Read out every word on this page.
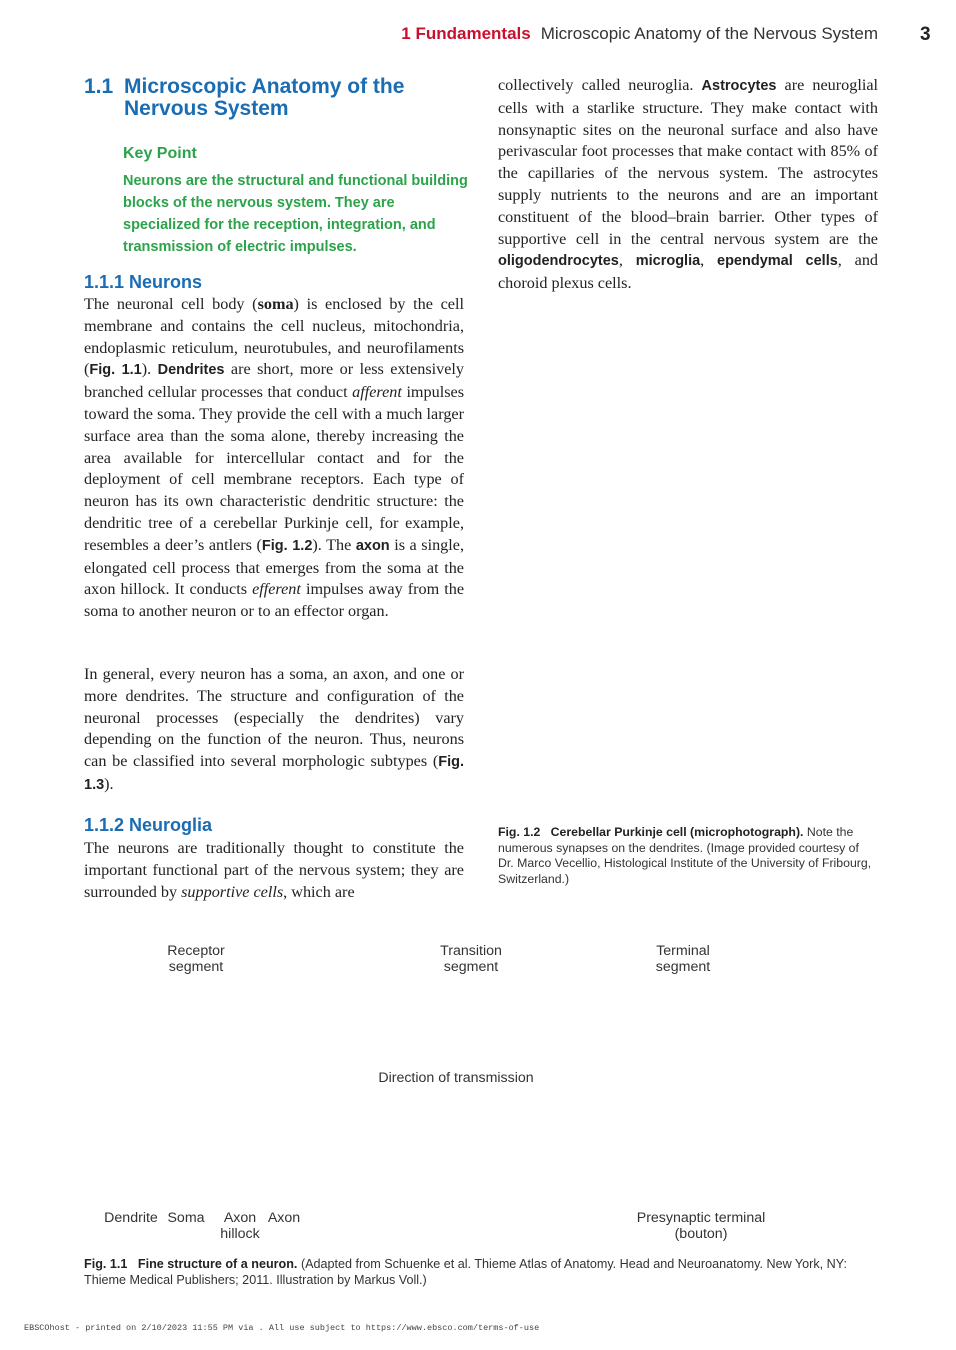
1 Fundamentals Microscopic Anatomy of the Nervous System 3
1.1 Microscopic Anatomy of the
Nervous System
Key Point
Neurons are the structural and functional building blocks of the nervous system. They are specialized for the reception, integration, and transmission of electric impulses.
1.1.1 Neurons
The neuronal cell body (soma) is enclosed by the cell membrane and contains the cell nucleus, mitochondria, endoplasmic reticulum, neurotubules, and neurofilaments (Fig. 1.1). Dendrites are short, more or less extensively branched cellular processes that conduct afferent impulses toward the soma. They provide the cell with a much larger surface area than the soma alone, thereby increasing the area available for intercellular contact and for the deployment of cell membrane receptors. Each type of neuron has its own characteristic dendritic structure: the dendritic tree of a cerebellar Purkinje cell, for example, resembles a deer’s antlers (Fig. 1.2). The axon is a single, elongated cell process that emerges from the soma at the axon hillock. It conducts efferent impulses away from the soma to another neuron or to an effector organ.
In general, every neuron has a soma, an axon, and one or more dendrites. The structure and configuration of the neuronal processes (especially the dendrites) vary depending on the function of the neuron. Thus, neurons can be classified into several morphologic subtypes (Fig. 1.3).
1.1.2 Neuroglia
The neurons are traditionally thought to constitute the important functional part of the nervous system; they are surrounded by supportive cells, which are
collectively called neuroglia. Astrocytes are neuroglial cells with a starlike structure. They make contact with nonsynaptic sites on the neuronal surface and also have perivascular foot processes that make contact with 85% of the capillaries of the nervous system. The astrocytes supply nutrients to the neurons and are an important constituent of the blood–brain barrier. Other types of supportive cell in the central nervous system are the oligodendrocytes, microglia, ependymal cells, and choroid plexus cells.
Fig. 1.2 Cerebellar Purkinje cell (microphotograph). Note the numerous synapses on the dendrites. (Image provided courtesy of Dr. Marco Vecellio, Histological Institute of the University of Fribourg, Switzerland.)
Receptor
segment
Transition
segment
Terminal
segment
Direction of transmission
Dendrite Soma	Axon
hillock
Axon	Presynaptic terminal
(bouton)
Fig. 1.1 Fine structure of a neuron. (Adapted from Schuenke et al. Thieme Atlas of Anatomy. Head and Neuroanatomy. New York, NY: Thieme Medical Publishers; 2011. Illustration by Markus Voll.)
EBSCOhost - printed on 2/10/2023 11:55 PM via . All use subject to https://www.ebsco.com/terms-of-use
